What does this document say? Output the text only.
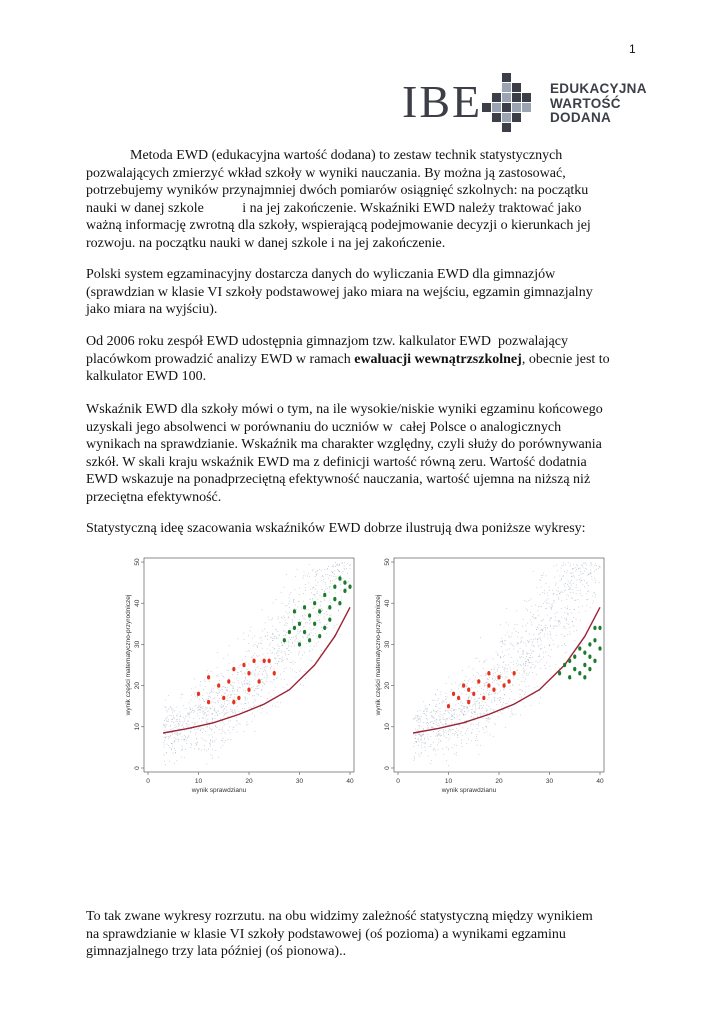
1
IBE	EDUKACYJNA
WARTOŚĆ
DODANA

Metoda EWD (edukacyjna wartość dodana) to zestaw technik statystycznych
pozwalających zmierzyć wkład szkoły w wyniki nauczania. By można ją zastosować,
potrzebujemy wyników przynajmniej dwóch pomiarów osiągnięć szkolnych: na początku
nauki w danej szkole           i na jej zakończenie. Wskaźniki EWD należy traktować jako
ważną informację zwrotną dla szkoły, wspierającą podejmowanie decyzji o kierunkach jej
rozwoju. na początku nauki w danej szkole i na jej zakończenie.

Polski system egzaminacyjny dostarcza danych do wyliczania EWD dla gimnazjów
(sprawdzian w klasie VI szkoły podstawowej jako miara na wejściu, egzamin gimnazjalny
jako miara na wyjściu).

Od 2006 roku zespół EWD udostępnia gimnazjom tzw. kalkulator EWD  pozwalający
placówkom prowadzić analizy EWD w ramach ewaluacji wewnątrzszkolnej, obecnie jest to
kalkulator EWD 100.

Wskaźnik EWD dla szkoły mówi o tym, na ile wysokie/niskie wyniki egzaminu końcowego
uzyskali jego absolwenci w porównaniu do uczniów w  całej Polsce o analogicznych
wynikach na sprawdzianie. Wskaźnik ma charakter względny, czyli służy do porównywania
szkół. W skali kraju wskaźnik EWD ma z definicji wartość równą zeru. Wartość dodatnia
EWD wskazuje na ponadprzeciętną efektywność nauczania, wartość ujemna na niższą niż
przeciętna efektywność.

Statystyczną ideę szacowania wskaźników EWD dobrze ilustrują dwa poniższe wykresy:

0	10	20	30	40
0
10
20
30
40
50
wynik sprawdzianu
wynik części matematyczno-przyrodniczej
0	10	20	30	40
0
10
20
30
40
50
wynik sprawdzianu
wynik części matematyczno-przyrodniczej

To tak zwane wykresy rozrzutu. na obu widzimy zależność statystyczną między wynikiem
na sprawdzianie w klasie VI szkoły podstawowej (oś pozioma) a wynikami egzaminu
gimnazjalnego trzy lata później (oś pionowa)..
